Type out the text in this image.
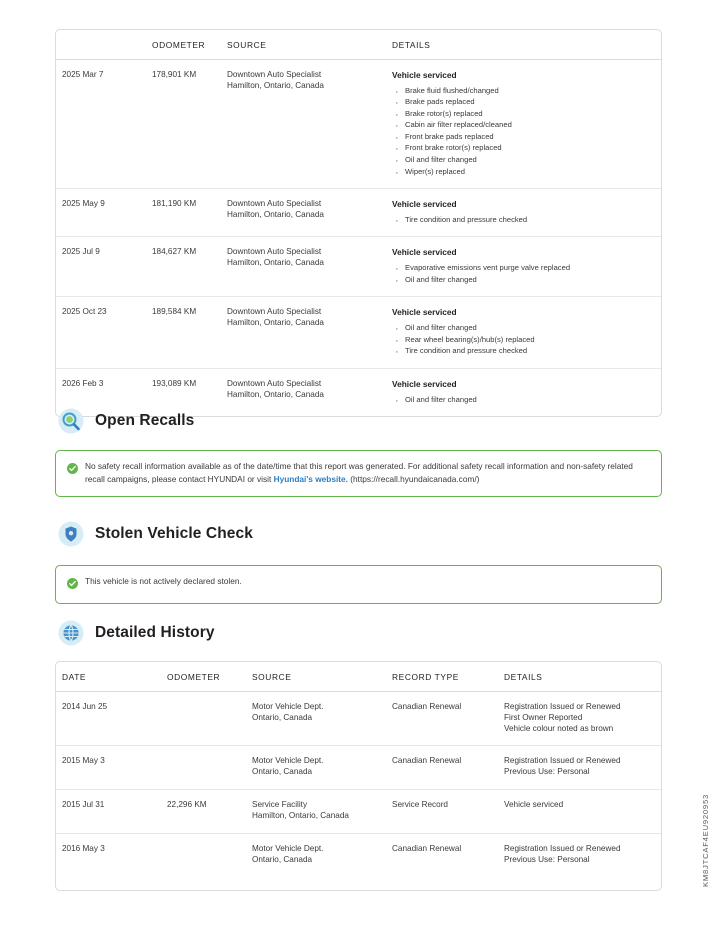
	ODOMETER	SOURCE	DETAILS
2025 Mar 7	178,901 KM	Downtown Auto Specialist
Hamilton, Ontario, Canada
	Vehicle serviced
· Brake fluid flushed/changed
· Brake pads replaced
· Brake rotor(s) replaced
· Cabin air filter replaced/cleaned
· Front brake pads replaced
· Front brake rotor(s) replaced
· Oil and filter changed
· Wiper(s) replaced

2025 May 9	181,190 KM	Downtown Auto Specialist
Hamilton, Ontario, Canada
	Vehicle serviced
· Tire condition and pressure checked

2025 Jul 9	184,627 KM	Downtown Auto Specialist
Hamilton, Ontario, Canada
	Vehicle serviced
· Evaporative emissions vent purge valve replaced
· Oil and filter changed

2025 Oct 23	189,584 KM	Downtown Auto Specialist
Hamilton, Ontario, Canada
	Vehicle serviced
· Oil and filter changed
· Rear wheel bearing(s)/hub(s) replaced
· Tire condition and pressure checked

2026 Feb 3	193,089 KM	Downtown Auto Specialist
Hamilton, Ontario, Canada
	Vehicle serviced
· Oil and filter changed
Open Recalls

No safety recall information available as of the date/time that this report was generated. For additional safety recall information and non-safety related recall campaigns, please contact HYUNDAI or visit Hyundai's website. (https://recall.hyundaicanada.com/)

Stolen Vehicle Check

This vehicle is not actively declared stolen.

Detailed History
DATE	ODOMETER	SOURCE	RECORD TYPE	DETAILS
2014 Jun 25		Motor Vehicle Dept.
Ontario, Canada	Canadian Renewal	Registration Issued or Renewed
First Owner Reported
Vehicle colour noted as brown

2015 May 3		Motor Vehicle Dept.
Ontario, Canada	Canadian Renewal	Registration Issued or Renewed
Previous Use: Personal

2015 Jul 31	22,296 KM	Service Facility
Hamilton, Ontario, Canada	Service Record	Vehicle serviced

2016 May 3		Motor Vehicle Dept.
Ontario, Canada	Canadian Renewal	Registration Issued or Renewed
Previous Use: Personal	KM8JTCAF4EU920953
